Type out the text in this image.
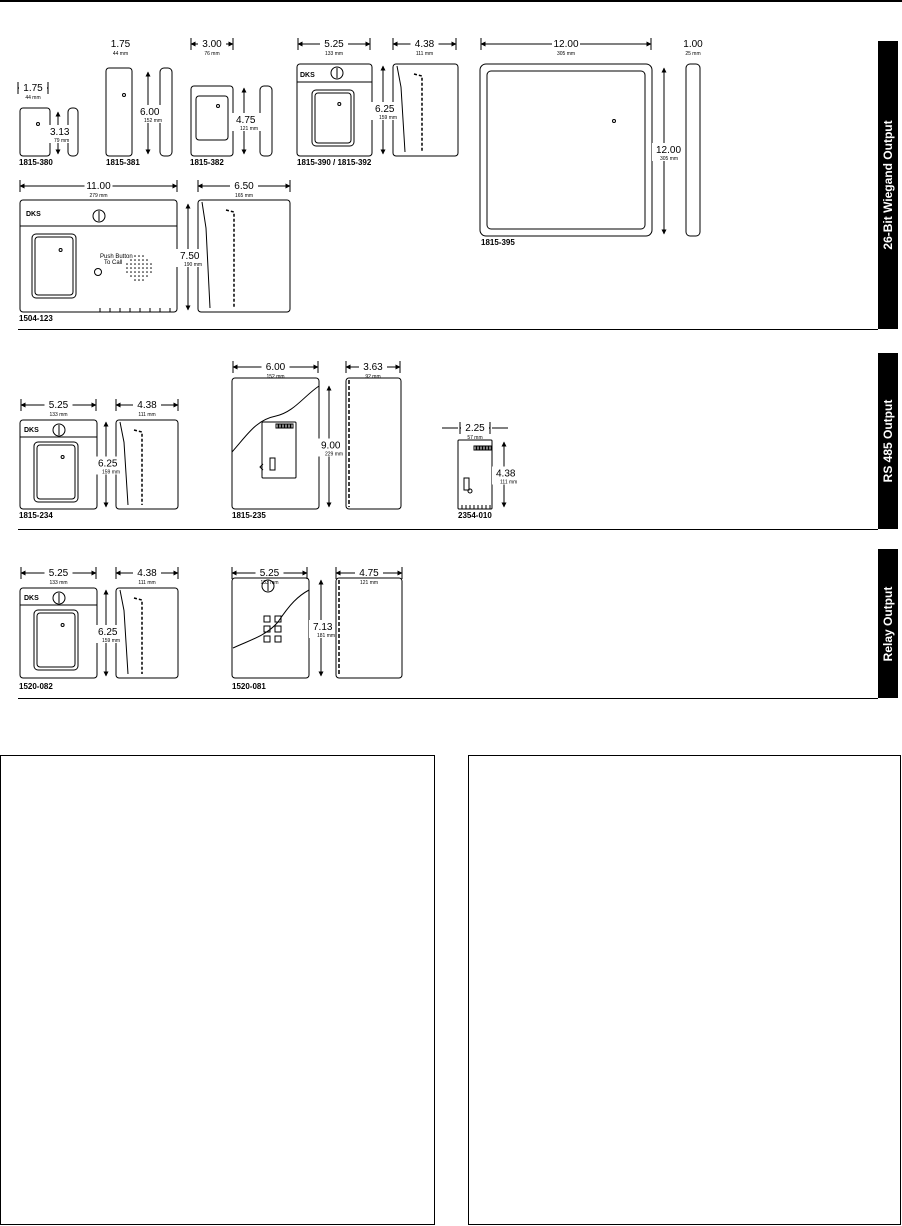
26-Bit Wiegand Output
RS 485 Output
Relay Output
1.75
44 mm
3.13
79 mm
1815-380
1.75
44 mm
6.00
152 mm
1815-381
3.00
76 mm
4.75
121 mm
1815-382
5.25
133 mm
DKS
4.38
111 mm
6.25
159 mm
1815-390 / 1815-392
12.00
305 mm
1.00
25 mm
12.00
305 mm
1815-395
11.00
279 mm
DKS
Push Button
To Call
6.50
165 mm
7.50
190 mm
1504-123
5.25
133 mm
DKS
4.38
111 mm
6.25
159 mm
1815-234
6.00
152 mm
9.00
229 mm
3.63
92 mm
1815-235
2.25
57 mm
4.38
111 mm
2354-010
5.25
133 mm
DKS
4.38
111 mm
6.25
159 mm
1520-082
5.25
133 mm
7.13
181 mm
4.75
121 mm
1520-081
